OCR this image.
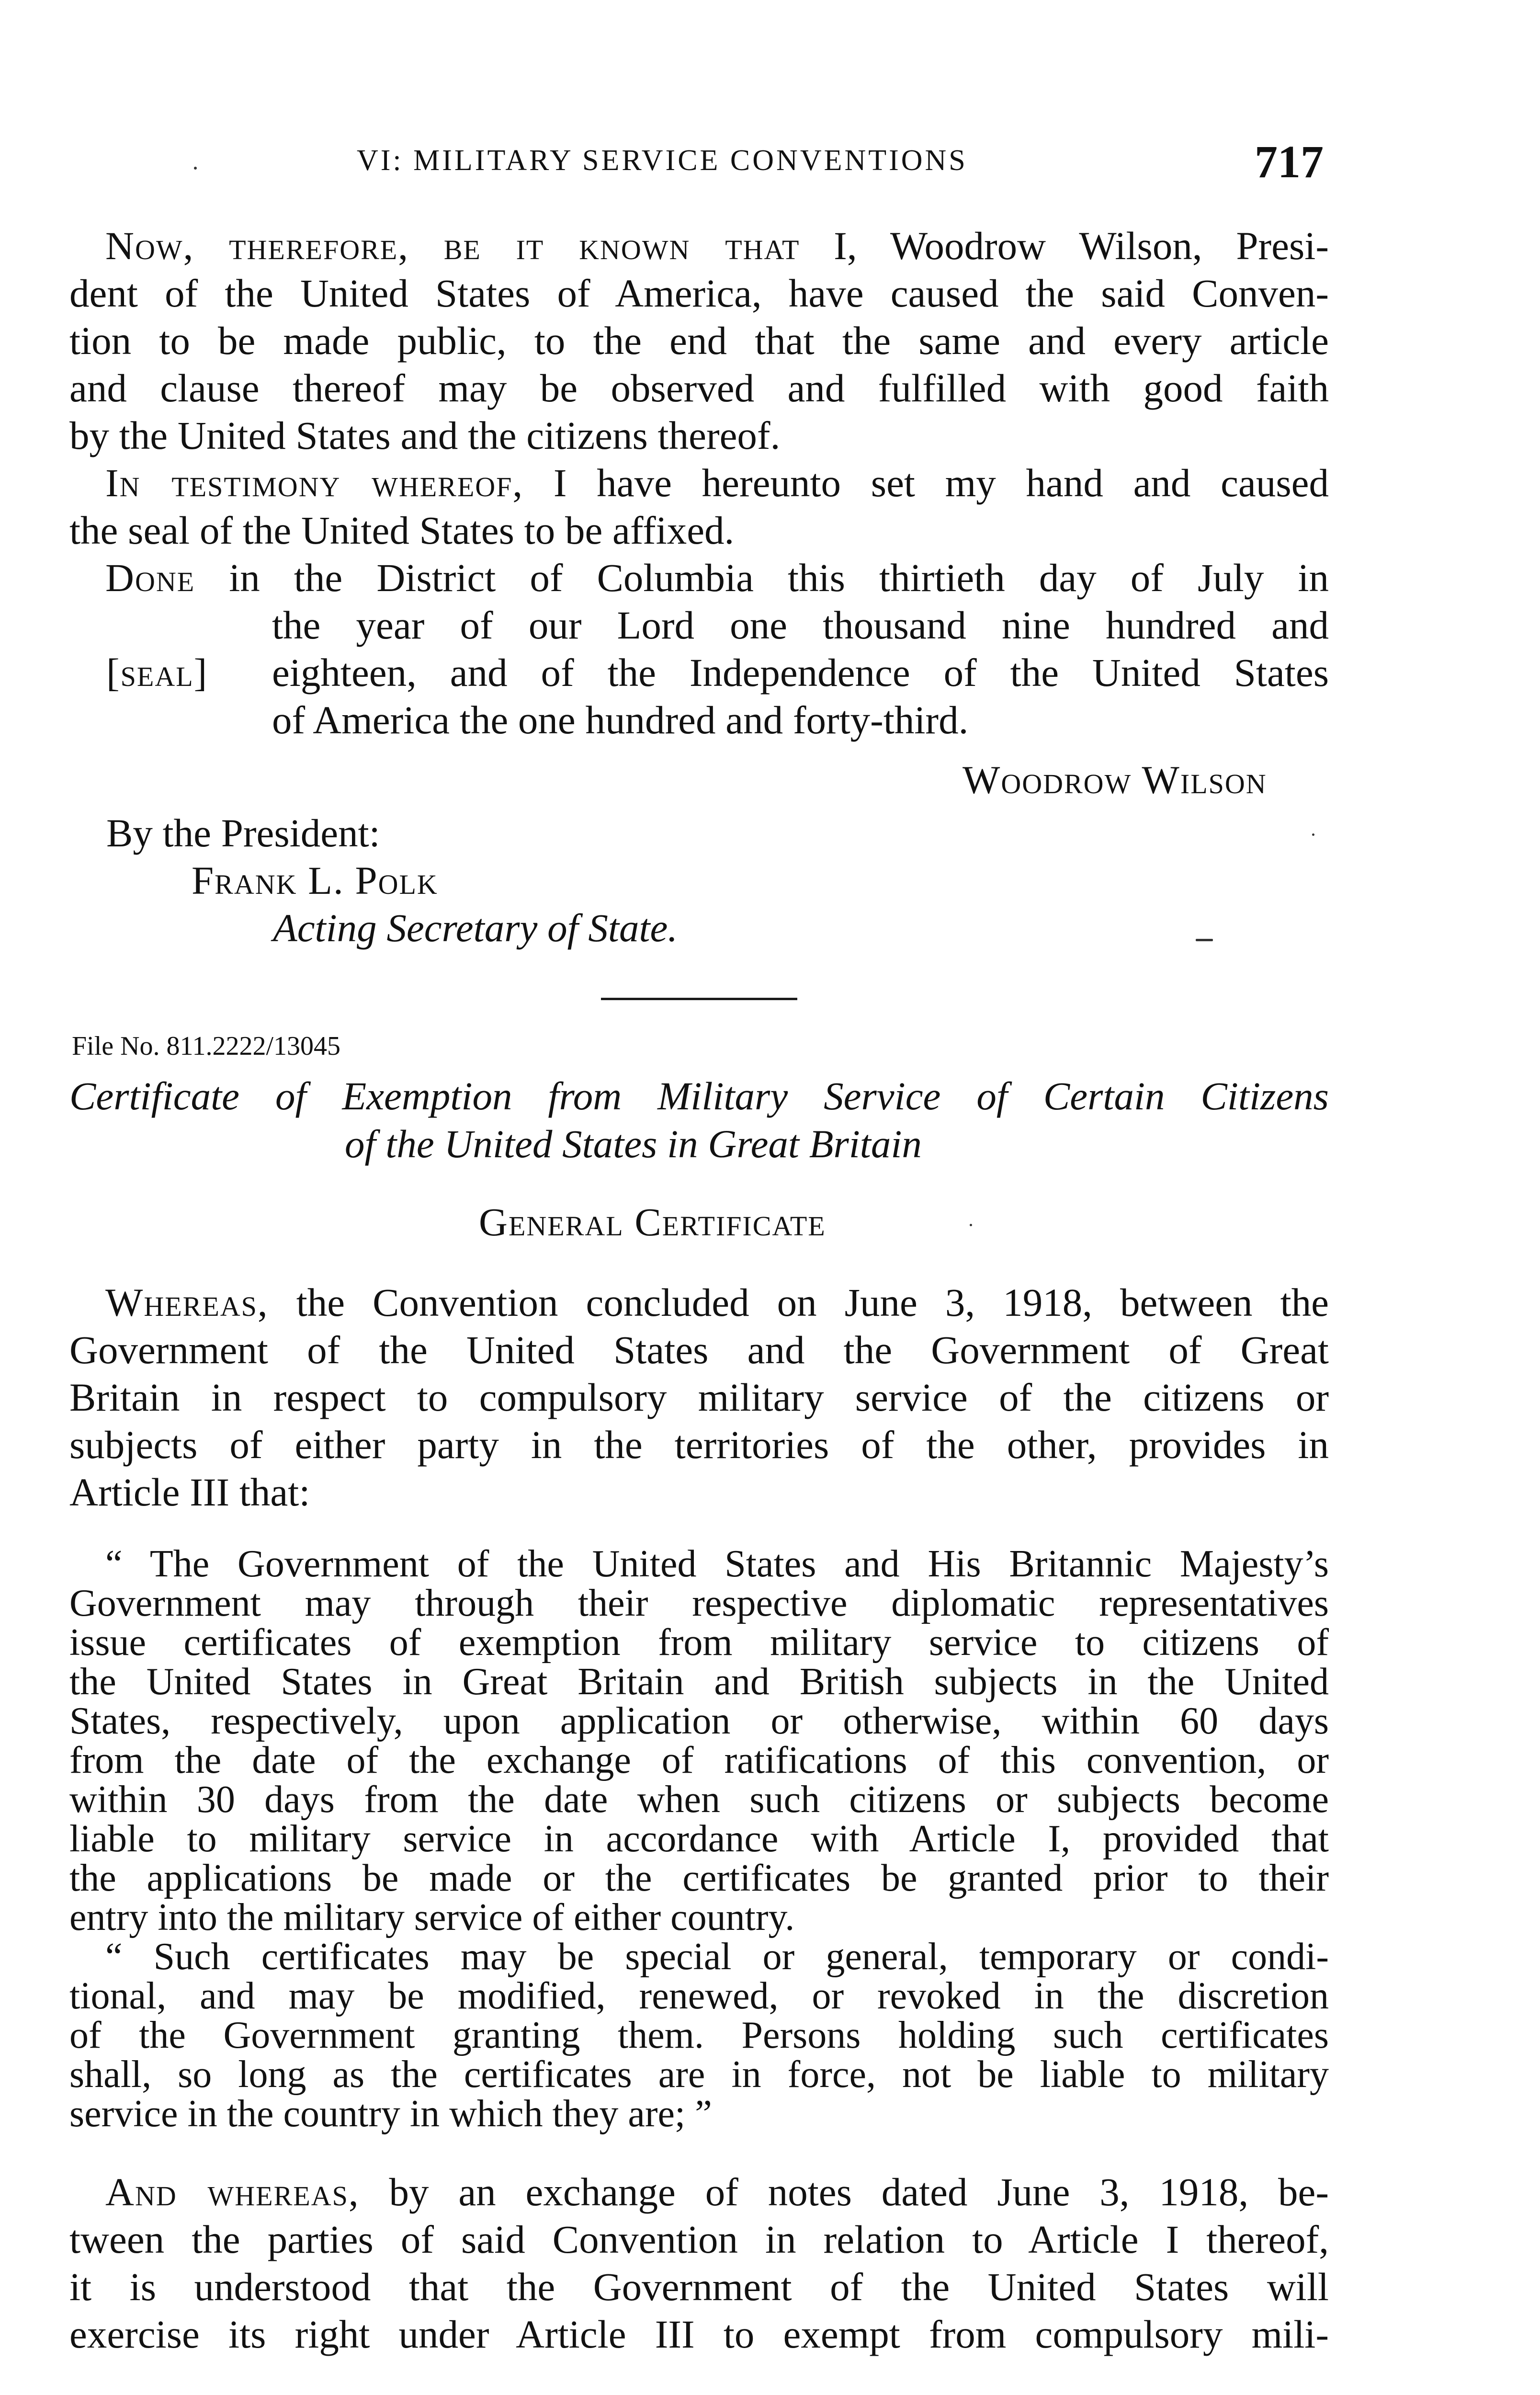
VI: MILITARY SERVICE CONVENTIONS	717
Now, therefore, be it known that I, Woodrow Wilson, Presi-
dent of the United States of America, have caused the said Conven-
tion to be made public, to the end that the same and every article
and clause thereof may be observed and fulfilled with good faith
by the United States and the citizens thereof.
In testimony whereof, I have hereunto set my hand and caused
the seal of the United States to be affixed.
Done in the District of Columbia this thirtieth day of July in
the year of our Lord one thousand nine hundred and
[seal] eighteen, and of the Independence of the United States
of America the one hundred and forty-third.
Woodrow Wilson
By the President:
Frank L. Polk
Acting Secretary of State.
File No. 811.2222/13045
Certificate of Exemption from Military Service of Certain Citizens
of the United States in Great Britain
General Certificate
Whereas, the Convention concluded on June 3, 1918, between the
Government of the United States and the Government of Great
Britain in respect to compulsory military service of the citizens or
subjects of either party in the territories of the other, provides in
Article III that:
“ The Government of the United States and His Britannic Majesty’s
Government may through their respective diplomatic representatives
issue certificates of exemption from military service to citizens of
the United States in Great Britain and British subjects in the United
States, respectively, upon application or otherwise, within 60 days
from the date of the exchange of ratifications of this convention, or
within 30 days from the date when such citizens or subjects become
liable to military service in accordance with Article I, provided that
the applications be made or the certificates be granted prior to their
entry into the military service of either country.
“ Such certificates may be special or general, temporary or condi-
tional, and may be modified, renewed, or revoked in the discretion
of the Government granting them. Persons holding such certificates
shall, so long as the certificates are in force, not be liable to military
service in the country in which they are; ”
And whereas, by an exchange of notes dated June 3, 1918, be-
tween the parties of said Convention in relation to Article I thereof,
it is understood that the Government of the United States will
exercise its right under Article III to exempt from compulsory mili-
